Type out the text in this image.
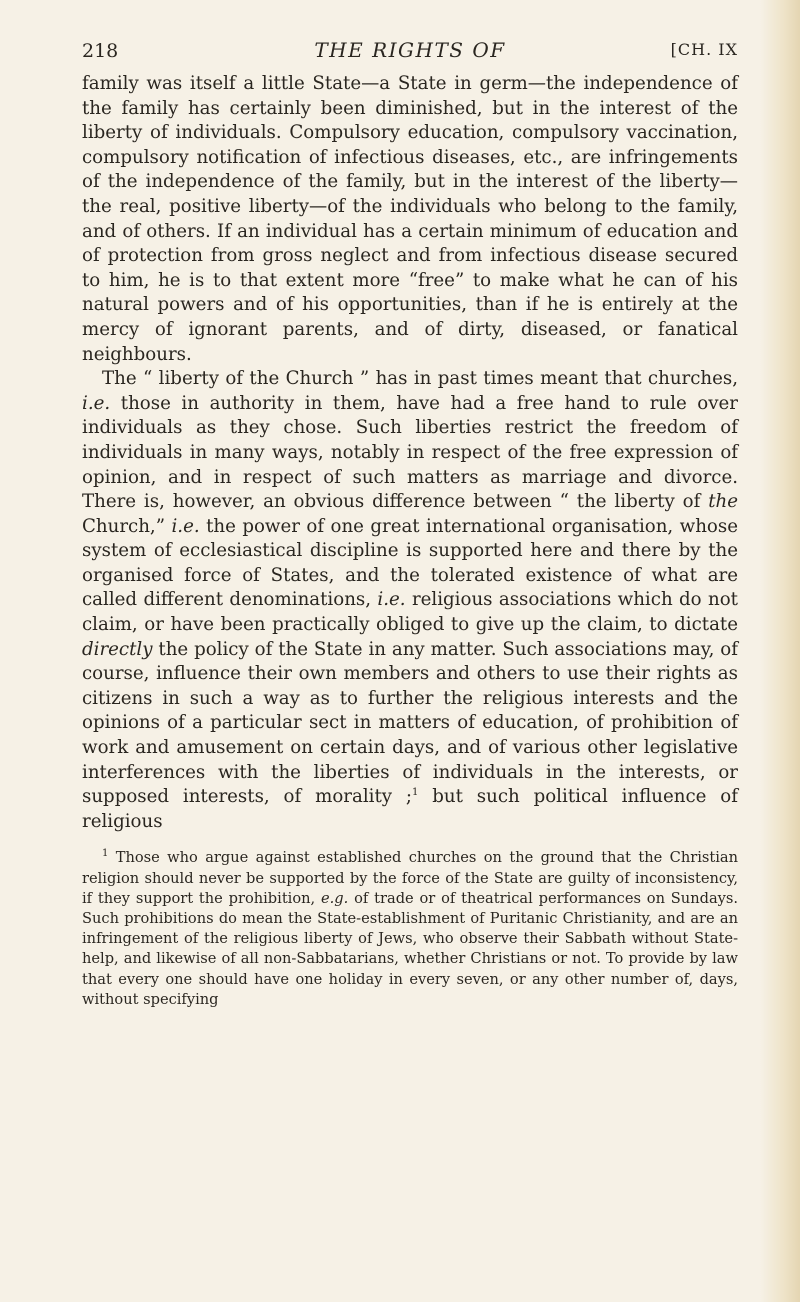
218	THE RIGHTS OF	[CH. IX

family was itself a little State—a State in germ—the independence of the family has certainly been diminished, but in the interest of the liberty of individuals. Compulsory education, compulsory vaccination, compulsory notification of infectious diseases, etc., are infringements of the independence of the family, but in the interest of the liberty—the real, positive liberty—of the individuals who belong to the family, and of others. If an individual has a certain minimum of education and of protection from gross neglect and from infectious disease secured to him, he is to that extent more “free” to make what he can of his natural powers and of his opportunities, than if he is entirely at the mercy of ignorant parents, and of dirty, diseased, or fanatical neighbours.

The “ liberty of the Church ” has in past times meant that churches, i.e. those in authority in them, have had a free hand to rule over individuals as they chose. Such liberties restrict the freedom of individuals in many ways, notably in respect of the free expression of opinion, and in respect of such matters as marriage and divorce. There is, however, an obvious difference between “ the liberty of the Church,” i.e. the power of one great international organisation, whose system of ecclesiastical discipline is supported here and there by the organised force of States, and the tolerated existence of what are called different denominations, i.e. religious associations which do not claim, or have been practically obliged to give up the claim, to dictate directly the policy of the State in any matter. Such associations may, of course, influence their own members and others to use their rights as citizens in such a way as to further the religious interests and the opinions of a particular sect in matters of education, of prohibition of work and amusement on certain days, and of various other legislative interferences with the liberties of individuals in the interests, or supposed interests, of morality ;$^1$ but such political influence of religious

$^1$ Those who argue against established churches on the ground that the Christian religion should never be supported by the force of the State are guilty of inconsistency, if they support the prohibition, e.g. of trade or of theatrical performances on Sundays. Such prohibitions do mean the State-establishment of Puritanic Christianity, and are an infringement of the religious liberty of Jews, who observe their Sabbath without State-help, and likewise of all non-Sabbatarians, whether Christians or not. To provide by law that every one should have one holiday in every seven, or any other number of, days, without specifying
